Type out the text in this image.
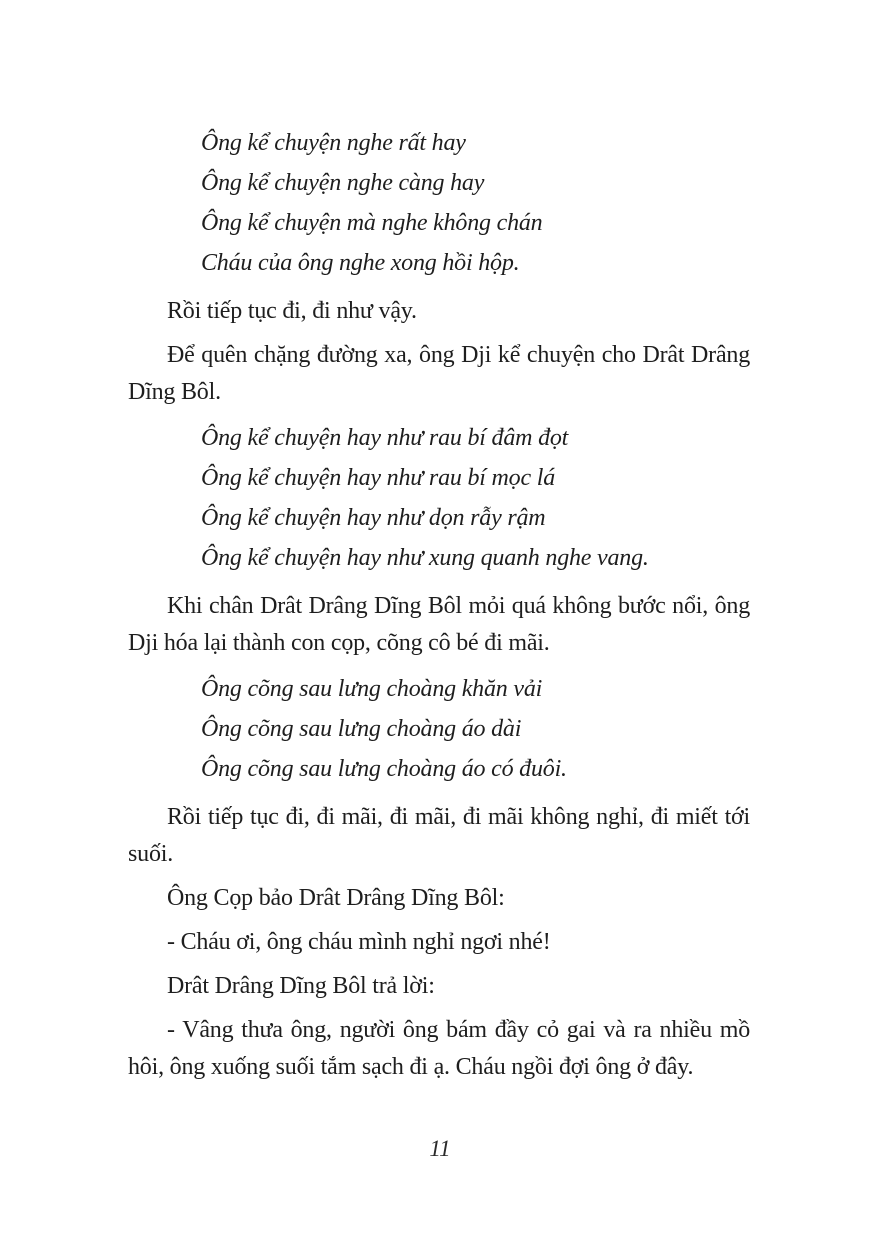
Ông kể chuyện nghe rất hay

Ông kể chuyện nghe càng hay

Ông kể chuyện mà nghe không chán

Cháu của ông nghe xong hồi hộp.

Rồi tiếp tục đi, đi như vậy.

Để quên chặng đường xa, ông Dji kể chuyện cho Drât Drâng Dĩng Bôl.

Ông kể chuyện hay như rau bí đâm đọt

Ông kể chuyện hay như rau bí mọc lá

Ông kể chuyện hay như dọn rẫy rậm

Ông kể chuyện hay như xung quanh nghe vang.

Khi chân Drât Drâng Dĩng Bôl mỏi quá không bước nổi, ông Dji hóa lại thành con cọp, cõng cô bé đi mãi.

Ông cõng sau lưng choàng khăn vải

Ông cõng sau lưng choàng áo dài

Ông cõng sau lưng choàng áo có đuôi.

Rồi tiếp tục đi, đi mãi, đi mãi, đi mãi không nghỉ, đi miết tới suối.

Ông Cọp bảo Drât Drâng Dĩng Bôl:

- Cháu ơi, ông cháu mình nghỉ ngơi nhé!

Drât Drâng Dĩng Bôl trả lời:

- Vâng thưa ông, người ông bám đầy cỏ gai và ra nhiều mồ hôi, ông xuống suối tắm sạch đi ạ. Cháu ngồi đợi ông ở đây.

11
